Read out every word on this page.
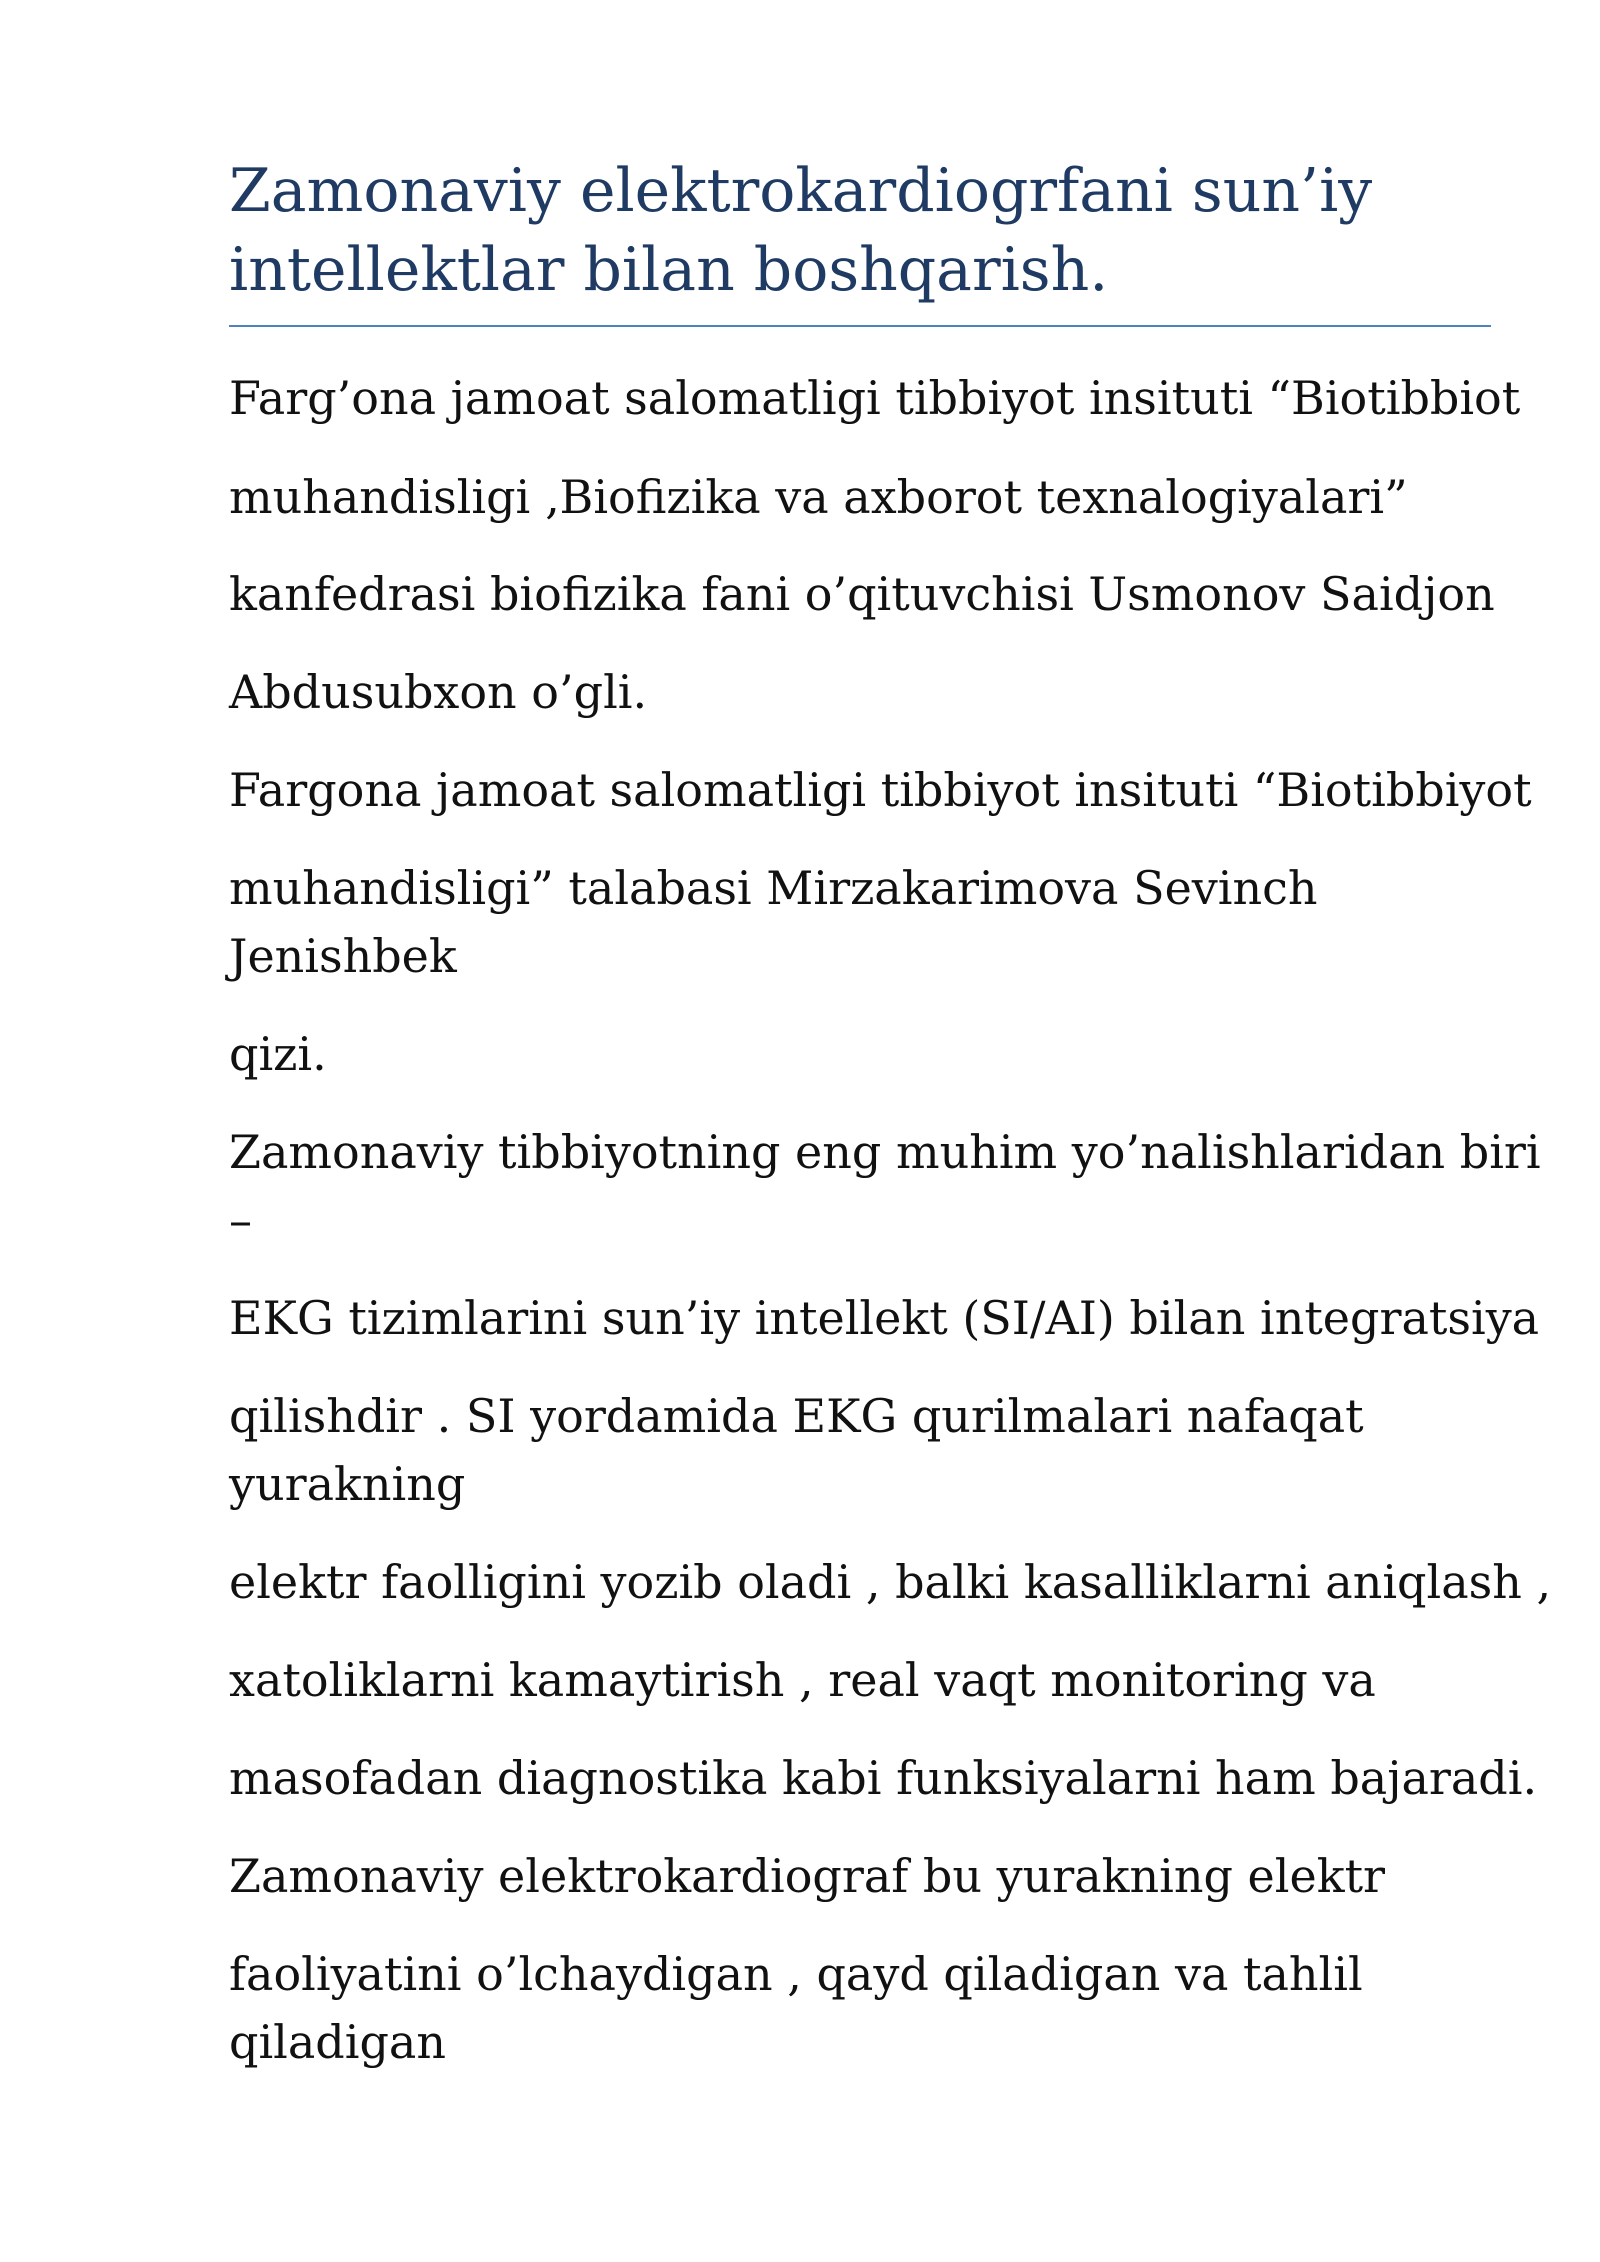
Zamonaviy elektrokardiogrfani sun’iy
intellektlar bilan boshqarish.

Farg’ona jamoat salomatligi tibbiyot insituti “Biotibbiot

muhandisligi ‚Biofizika va axborot texnalogiyalari”

kanfedrasi biofizika fani o’qituvchisi Usmonov Saidjon

Abdusubxon o’gli.

Fargona jamoat salomatligi tibbiyot insituti “Biotibbiyot

muhandisligi” talabasi Mirzakarimova Sevinch

Jenishbek

qizi.

Zamonaviy tibbiyotning eng muhim yo’nalishlaridan biri

–

EKG tizimlarini sun’iy intellekt (SI/AI) bilan integratsiya

qilishdir . SI yordamida EKG qurilmalari nafaqat

yurakning

elektr faolligini yozib oladi , balki kasalliklarni aniqlash ,

xatoliklarni kamaytirish , real vaqt monitoring va

masofadan diagnostika kabi funksiyalarni ham bajaradi.

Zamonaviy elektrokardiograf bu yurakning elektr

faoliyatini o’lchaydigan , qayd qiladigan va tahlil

qiladigan
